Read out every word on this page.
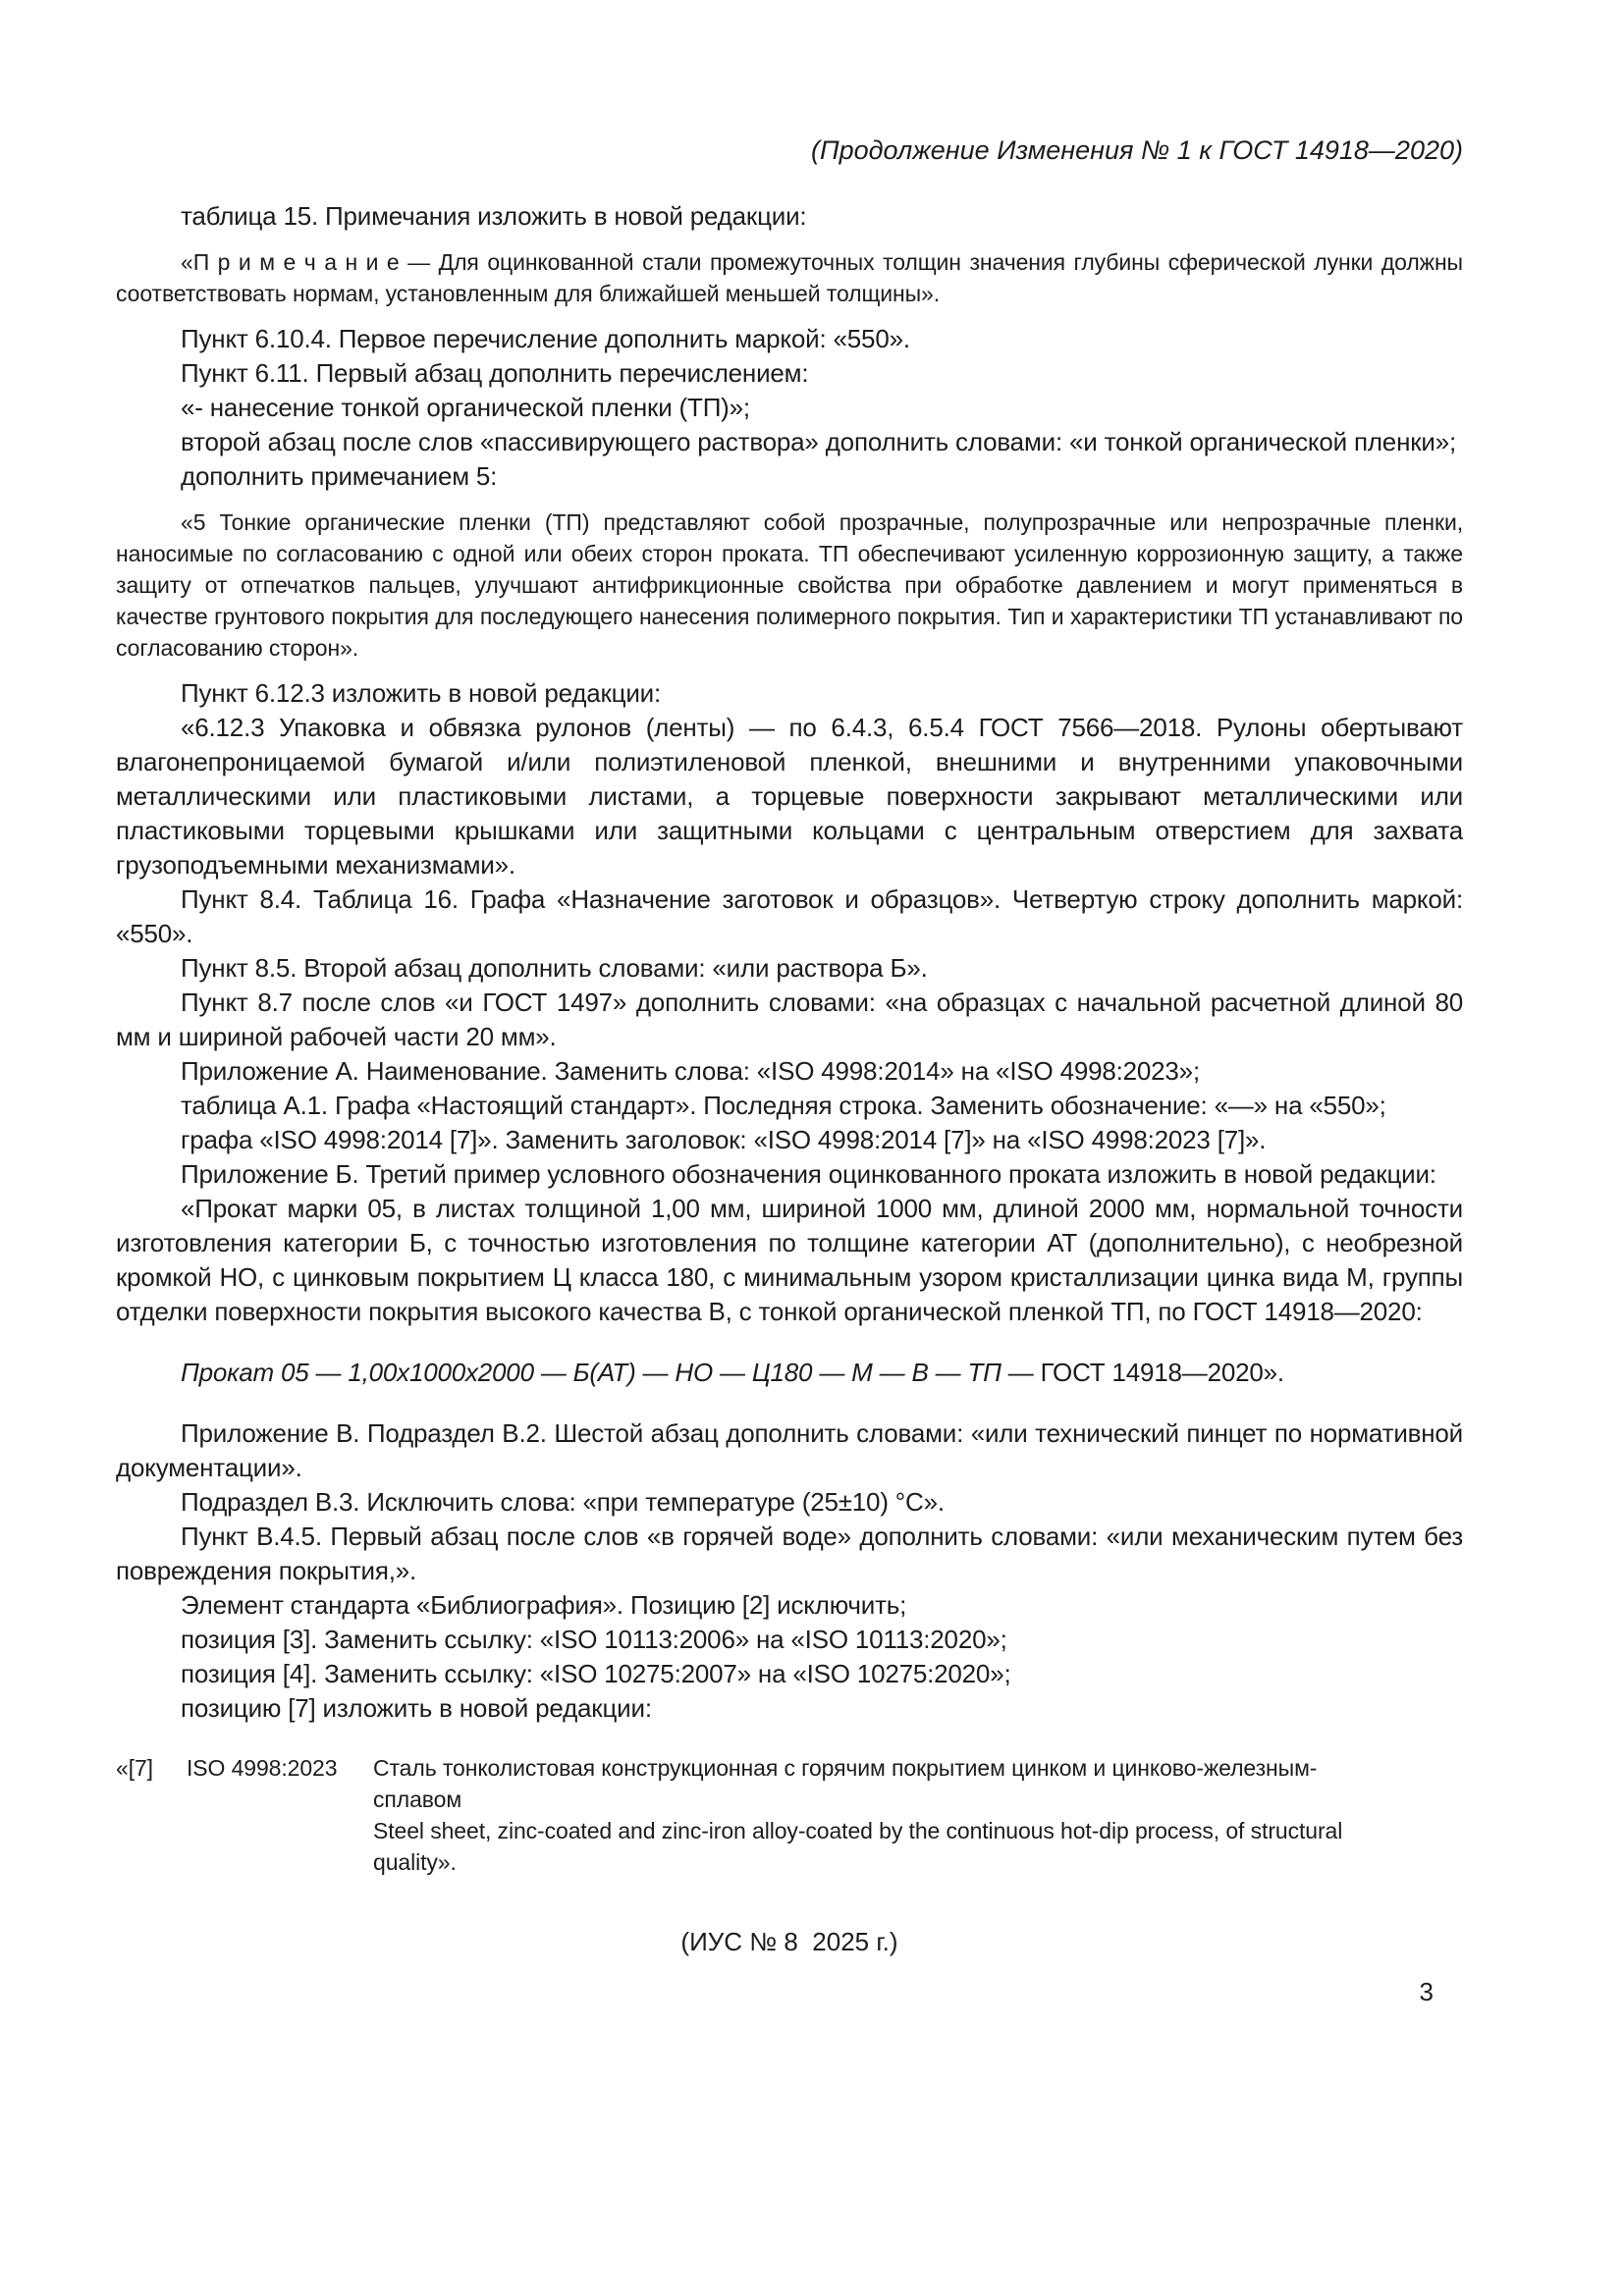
(Продолжение Изменения № 1 к ГОСТ 14918—2020)
таблица 15. Примечания изложить в новой редакции:
«П р и м е ч а н и е — Для оцинкованной стали промежуточных толщин значения глубины сферической лунки должны соответствовать нормам, установленным для ближайшей меньшей толщины».
Пункт 6.10.4. Первое перечисление дополнить маркой: «550».
Пункт 6.11. Первый абзац дополнить перечислением:
«- нанесение тонкой органической пленки (ТП)»;
второй абзац после слов «пассивирующего раствора» дополнить словами: «и тонкой органической пленки»;
дополнить примечанием 5:
«5 Тонкие органические пленки (ТП) представляют собой прозрачные, полупрозрачные или непрозрачные пленки, наносимые по согласованию с одной или обеих сторон проката. ТП обеспечивают усиленную коррозионную защиту, а также защиту от отпечатков пальцев, улучшают антифрикционные свойства при обработке давлением и могут применяться в качестве грунтового покрытия для последующего нанесения полимерного покрытия. Тип и характеристики ТП устанавливают по согласованию сторон».
Пункт 6.12.3 изложить в новой редакции:
«6.12.3 Упаковка и обвязка рулонов (ленты) — по 6.4.3, 6.5.4 ГОСТ 7566—2018. Рулоны обертывают влагонепроницаемой бумагой и/или полиэтиленовой пленкой, внешними и внутренними упаковочными металлическими или пластиковыми листами, а торцевые поверхности закрывают металлическими или пластиковыми торцевыми крышками или защитными кольцами с центральным отверстием для захвата грузоподъемными механизмами».
Пункт 8.4. Таблица 16. Графа «Назначение заготовок и образцов». Четвертую строку дополнить маркой: «550».
Пункт 8.5. Второй абзац дополнить словами: «или раствора Б».
Пункт 8.7 после слов «и ГОСТ 1497» дополнить словами: «на образцах с начальной расчетной длиной 80 мм и шириной рабочей части 20 мм».
Приложение А. Наименование. Заменить слова: «ISO 4998:2014» на «ISO 4998:2023»;
таблица А.1. Графа «Настоящий стандарт». Последняя строка. Заменить обозначение: «—» на «550»;
графа «ISO 4998:2014 [7]». Заменить заголовок: «ISO 4998:2014 [7]» на «ISO 4998:2023 [7]».
Приложение Б. Третий пример условного обозначения оцинкованного проката изложить в новой редакции:
«Прокат марки 05, в листах толщиной 1,00 мм, шириной 1000 мм, длиной 2000 мм, нормальной точности изготовления категории Б, с точностью изготовления по толщине категории АТ (дополнительно), с необрезной кромкой НО, с цинковым покрытием Ц класса 180, с минимальным узором кристаллизации цинка вида М, группы отделки поверхности покрытия высокого качества В, с тонкой органической пленкой ТП, по ГОСТ 14918—2020:
Прокат 05 — 1,00х1000х2000 — Б(АТ) — НО — Ц180 — М — В — ТП — ГОСТ 14918—2020».
Приложение В. Подраздел В.2. Шестой абзац дополнить словами: «или технический пинцет по нормативной документации».
Подраздел В.3. Исключить слова: «при температуре (25±10) °С».
Пункт В.4.5. Первый абзац после слов «в горячей воде» дополнить словами: «или механическим путем без повреждения покрытия,».
Элемент стандарта «Библиография». Позицию [2] исключить;
позиция [3]. Заменить ссылку: «ISO 10113:2006» на «ISO 10113:2020»;
позиция [4]. Заменить ссылку: «ISO 10275:2007» на «ISO 10275:2020»;
позицию [7] изложить в новой редакции:
«[7]	ISO 4998:2023	Сталь тонколистовая конструкционная с горячим покрытием цинком и цинково-железным-
сплавом
Steel sheet, zinc-coated and zinc-iron alloy-coated by the continuous hot-dip process, of structural
quality».
(ИУС № 8  2025 г.)
3
